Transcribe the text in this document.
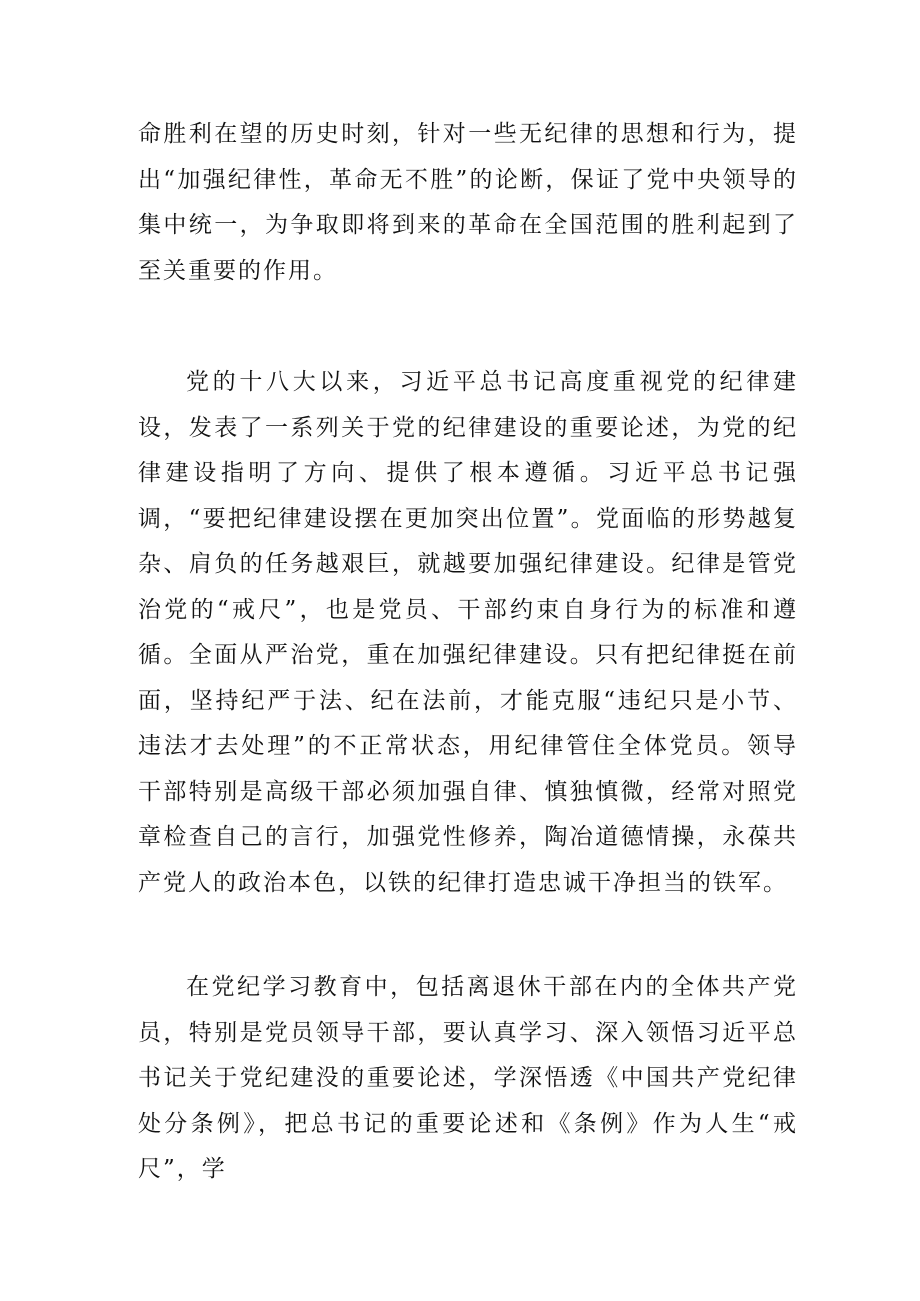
命胜利在望的历史时刻，针对一些无纪律的思想和行为，提出“加强纪律性，革命无不胜”的论断，保证了党中央领导的集中统一，为争取即将到来的革命在全国范围的胜利起到了至关重要的作用。

党的十八大以来，习近平总书记高度重视党的纪律建设，发表了一系列关于党的纪律建设的重要论述，为党的纪律建设指明了方向、提供了根本遵循。习近平总书记强调，“要把纪律建设摆在更加突出位置”。党面临的形势越复杂、肩负的任务越艰巨，就越要加强纪律建设。纪律是管党治党的“戒尺”，也是党员、干部约束自身行为的标准和遵循。全面从严治党，重在加强纪律建设。只有把纪律挺在前面，坚持纪严于法、纪在法前，才能克服“违纪只是小节、违法才去处理”的不正常状态，用纪律管住全体党员。领导干部特别是高级干部必须加强自律、慎独慎微，经常对照党章检查自己的言行，加强党性修养，陶冶道德情操，永葆共产党人的政治本色，以铁的纪律打造忠诚干净担当的铁军。

在党纪学习教育中，包括离退休干部在内的全体共产党员，特别是党员领导干部，要认真学习、深入领悟习近平总书记关于党纪建没的重要论述，学深悟透《中国共产党纪律处分条例》，把总书记的重要论述和《条例》作为人生“戒尺”，学
